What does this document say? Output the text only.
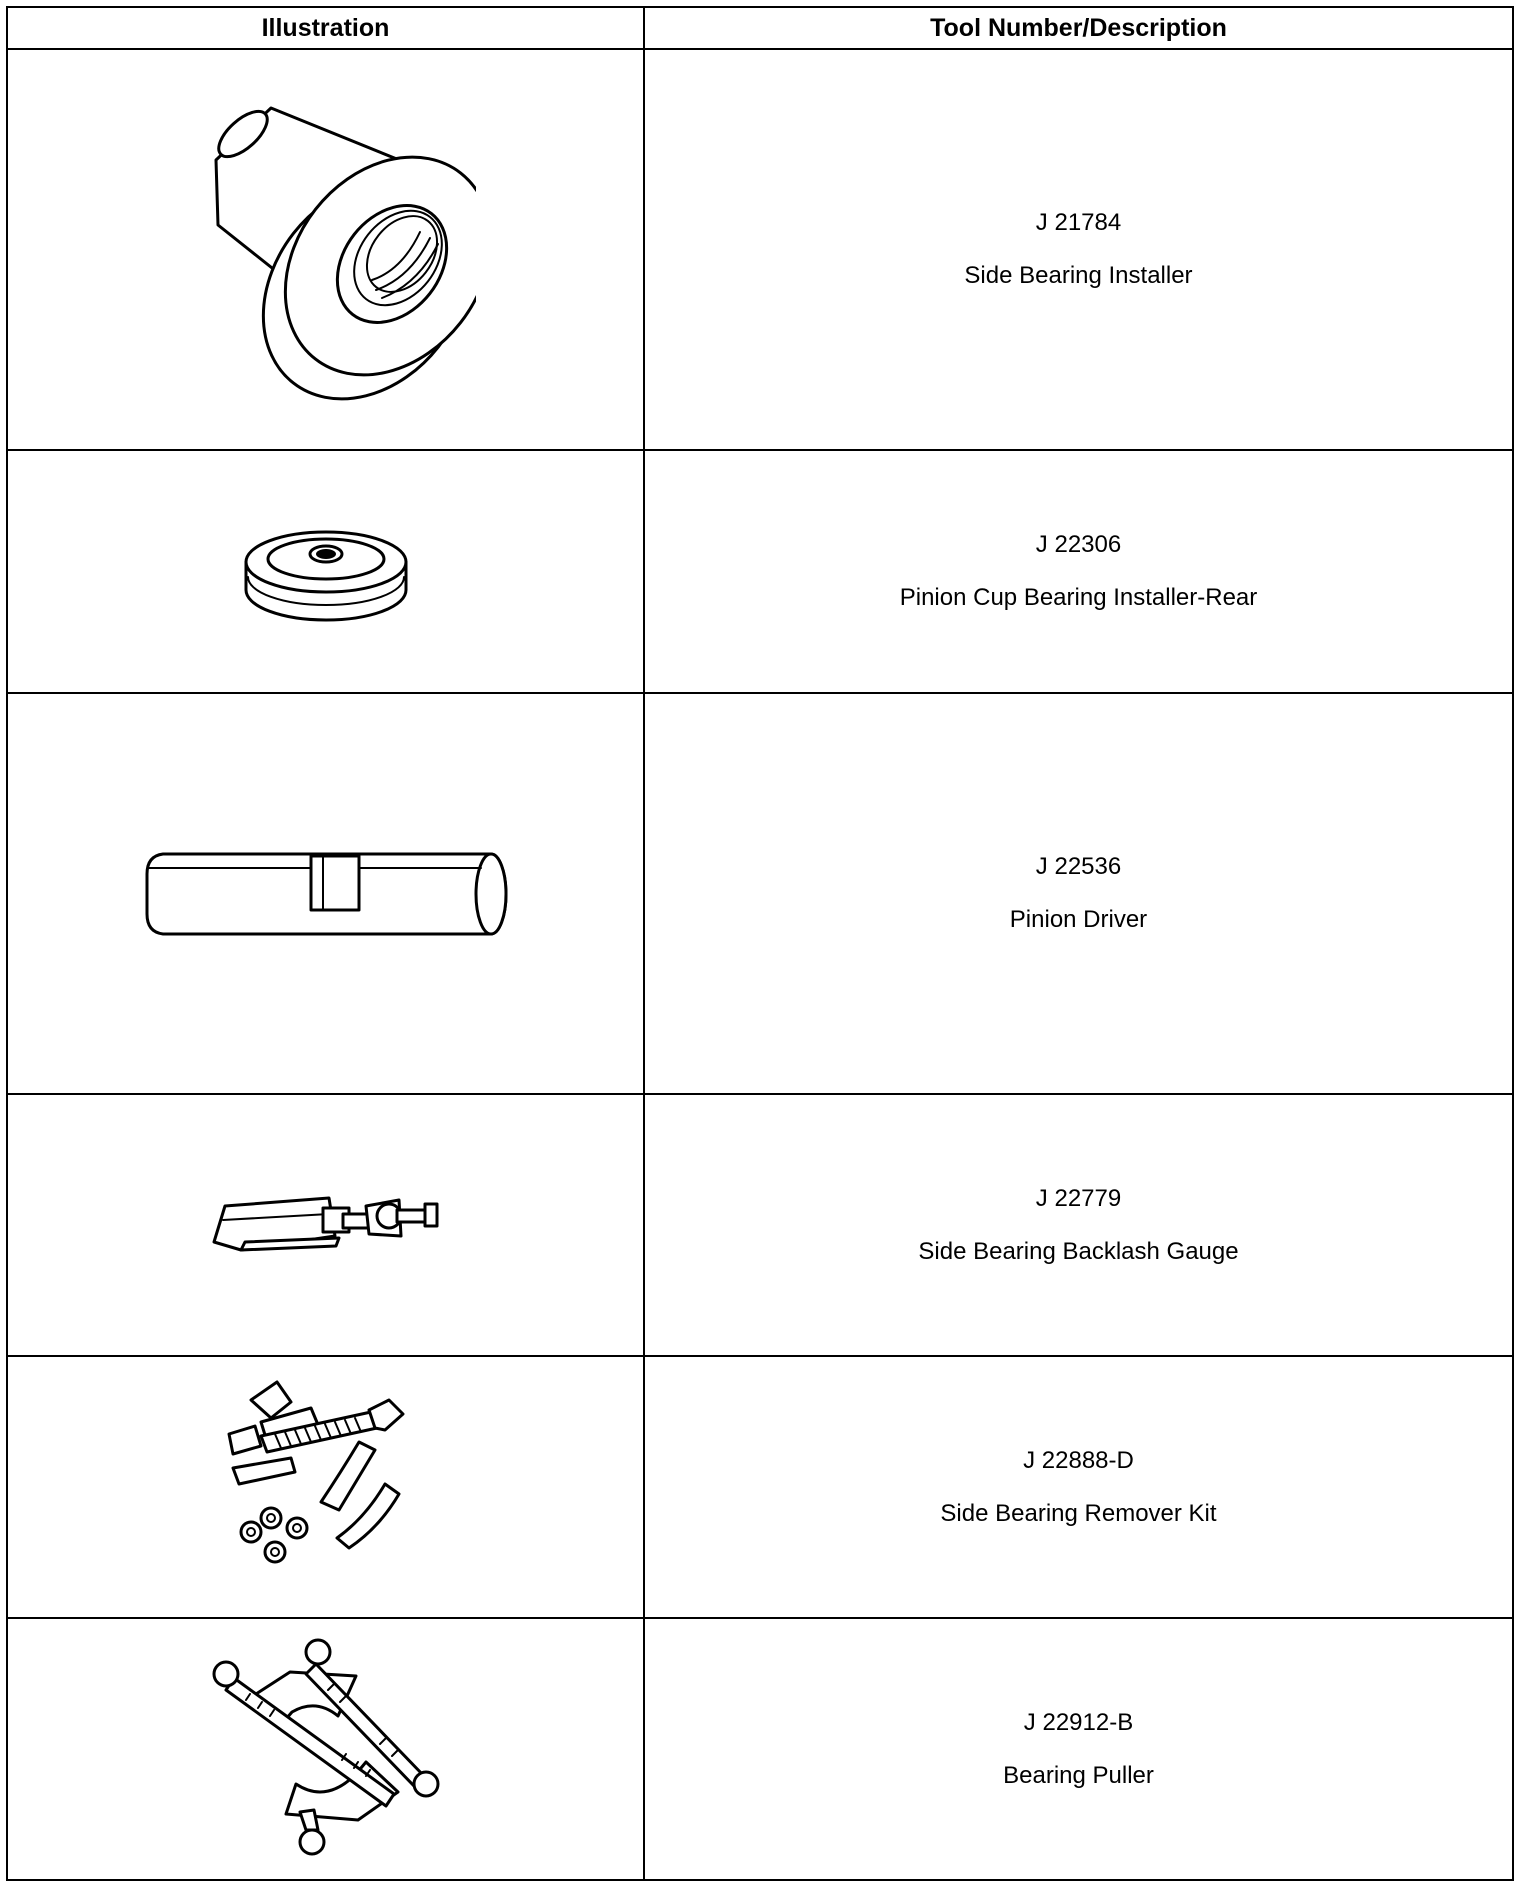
Illustration	Tool Number/Description

J 21784
Side Bearing Installer

J 22306
Pinion Cup Bearing Installer-Rear

J 22536
Pinion Driver

J 22779
Side Bearing Backlash Gauge

J 22888-D
Side Bearing Remover Kit

J 22912-B
Bearing Puller
